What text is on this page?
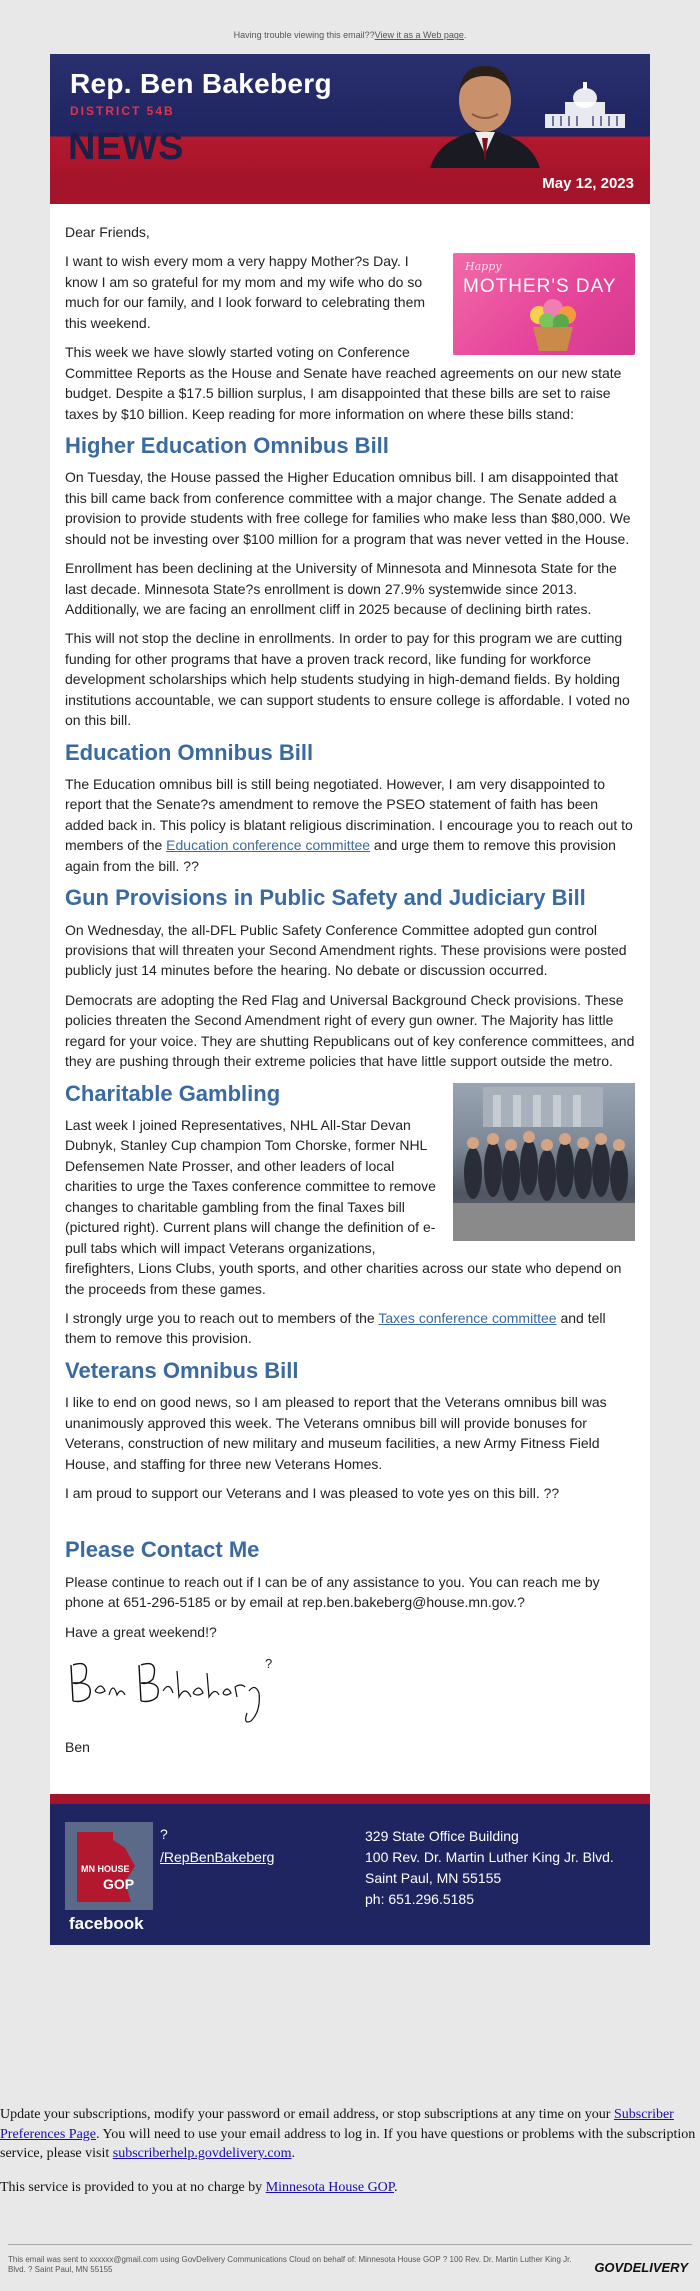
Having trouble viewing this email??View it as a Web page.
Rep. Ben Bakeberg
DISTRICT 54B
NEWS
May 12, 2023

Dear Friends,

Happy
MOTHER'S DAY

I want to wish every mom a very happy Mother?s Day. I know I am so grateful for my mom and my wife who do so much for our family, and I look forward to celebrating them this weekend.

This week we have slowly started voting on Conference Committee Reports as the House and Senate have reached agreements on our new state budget. Despite a $17.5 billion surplus, I am disappointed that these bills are set to raise taxes by $10 billion. Keep reading for more information on where these bills stand:

Higher Education Omnibus Bill

On Tuesday, the House passed the Higher Education omnibus bill. I am disappointed that this bill came back from conference committee with a major change. The Senate added a provision to provide students with free college for families who make less than $80,000. We should not be investing over $100 million for a program that was never vetted in the House.

Enrollment has been declining at the University of Minnesota and Minnesota State for the last decade. Minnesota State?s enrollment is down 27.9% systemwide since 2013. Additionally, we are facing an enrollment cliff in 2025 because of declining birth rates.

This will not stop the decline in enrollments. In order to pay for this program we are cutting funding for other programs that have a proven track record, like funding for workforce development scholarships which help students studying in high-demand fields. By holding institutions accountable, we can support students to ensure college is affordable. I voted no on this bill.

Education Omnibus Bill

The Education omnibus bill is still being negotiated. However, I am very disappointed to report that the Senate?s amendment to remove the PSEO statement of faith has been added back in. This policy is blatant religious discrimination. I encourage you to reach out to members of the Education conference committee and urge them to remove this provision again from the bill. ??

Gun Provisions in Public Safety and Judiciary Bill

On Wednesday, the all-DFL Public Safety Conference Committee adopted gun control provisions that will threaten your Second Amendment rights. These provisions were posted publicly just 14 minutes before the hearing. No debate or discussion occurred.

Democrats are adopting the Red Flag and Universal Background Check provisions. These policies threaten the Second Amendment right of every gun owner. The Majority has little regard for your voice. They are shutting Republicans out of key conference committees, and they are pushing through their extreme policies that have little support outside the metro.

Charitable Gambling

Last week I joined Representatives, NHL All-Star Devan Dubnyk, Stanley Cup champion Tom Chorske, former NHL Defensemen Nate Prosser, and other leaders of local charities to urge the Taxes conference committee to remove changes to charitable gambling from the final Taxes bill (pictured right). Current plans will change the definition of e-pull tabs which will impact Veterans organizations, firefighters, Lions Clubs, youth sports, and other charities across our state who depend on the proceeds from these games.

I strongly urge you to reach out to members of the Taxes conference committee and tell them to remove this provision.

Veterans Omnibus Bill

I like to end on good news, so I am pleased to report that the Veterans omnibus bill was unanimously approved this week. The Veterans omnibus bill will provide bonuses for Veterans, construction of new military and museum facilities, a new Army Fitness Field House, and staffing for three new Veterans Homes.

I am proud to support our Veterans and I was pleased to vote yes on this bill. ??

Please Contact Me

Please continue to reach out if I can be of any assistance to you. You can reach me by phone at 651-296-5185 or by email at rep.ben.bakeberg@house.mn.gov.?

Have a great weekend!?

?

Ben

MN HOUSE
GOP
facebook
?
/RepBenBakeberg
329 State Office Building
100 Rev. Dr. Martin Luther King Jr. Blvd.
Saint Paul, MN 55155
ph: 651.296.5185

Update your subscriptions, modify your password or email address, or stop subscriptions at any time on your Subscriber Preferences Page. You will need to use your email address to log in. If you have questions or problems with the subscription service, please visit subscriberhelp.govdelivery.com.

This service is provided to you at no charge by Minnesota House GOP.

This email was sent to xxxxxx@gmail.com using GovDelivery Communications Cloud on behalf of: Minnesota House GOP ? 100 Rev. Dr. Martin Luther King Jr. Blvd. ? Saint Paul, MN 55155	GOVDELIVERY
